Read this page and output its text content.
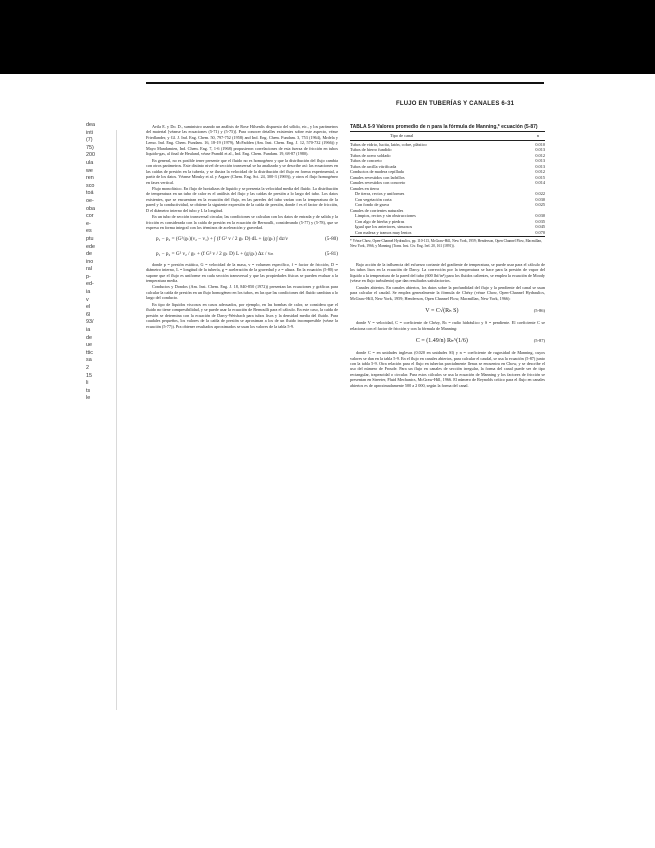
FLUJO EN TUBERÍAS Y CANALES 6-31
dea
inti
(7)
75)
200
ula
we
ren
sco
toá
oe-
oba
cor
e-
es
ptu
ede
de
ino
ral
p-
ed-
ia
v
el
6l
93/
ia
de
ue
ttic
sa
2
15
li
ts
le

Avila E. y Do. D., suministro usando un análisis de Rose Hilsenlis dispuesto del sólido, etc., y los parámetros del material [véanse las ecuaciones (5-71) y (5-75)]. Para conocer detalles existentes sobre este aspecto, véase Friedlander, y Gl. J. Ind. Eng. Chem. 50, 797-752 (1958) and Ind. Eng. Chem. Fundam. 3, 753 (1964), Mrdela y Lemo. Ind. Eng. Chem. Fundam. 16, 18-19 (1979), McFadden (Am. Inst. Chem. Eng. J. 12, 570-732 (1966)) y Mayo Mandamien, Ind. Chem. Eng. 7, 1-6 (1968) propusieron correlaciones de esta fuerza de fricción en tubos liquido-gas, al final de Heuland, véase Prandtl et al., Ind. Eng. Chem. Fundam. 19, 68-87 (1980).

En general, no es posible tener presente que el fluido no es homogéneo y que la distribución del flujo cambia con otros parámetros. Este distinto nivel de sección transversal se ha analizado y se describe así: las ecuaciones en las caídas de presión en la tubería, y se ilustra la velocidad de la distribución del flujo en forma experimental, a partir de los datos. Véanse Minsky et al. y Argaer (Chem. Eng. Sci. 24, 300-3 (1969)), y otros el flujo homogéneo en fases vertical.

Flujo monofásico. En flujo de hortalizas de liquido y se presenta la velocidad media del fluido. La distribución de temperatura en un tubo de calor es el análisis del flujo y las caídas de presión a lo largo del tubo. Los datos existentes, que se encuentran en la ecuación del flujo, en las paredes del tubo varían con la temperatura de la pared y la conductividad, se obtiene la siguiente expresión de la caída de presión, donde f es el factor de fricción, D el diámetro interno del tubo y L la longitud.

En un tubo de sección transversal circular, las condiciones se calculan con los datos de entrada y de salida y la fricción es considerada con la caída de presión en la ecuación de Bernoulli, considerando (5-77) y (5-78), que se expresa en forma integral con los términos de aceleración y gravedad.

(5-80)
p₁ − p₂ = (G²/gₖ)(v₂ − v₁) + ∫ (f G² v / 2 gₖ D) dL + (g/gₖ) ∫ dz/v
(5-81)
p₁ − p₂ = G² v₂ / gₖ + (f G² v / 2 gₖ D) L + (g/gₖ) Δz / vₘ

donde p = presión estática, G = velocidad de la masa, v = volumen específico, f = factor de fricción, D = diámetro interno, L = longitud de la tubería, g = aceleración de la gravedad y z = altura. En la ecuación (5-80) se supone que el flujo es uniforme en cada sección transversal y que las propiedades físicas se pueden evaluar a la temperatura media.

Conductos y Dondos (Am. Inst. Chem. Eng. J. 18, 840-850 (1972)) presentan las ecuaciones y gráficas para calcular la caída de presión en un flujo homogéneo en los tubos, en las que las condiciones del fluido cambian a lo largo del conducto.

En tipo de líquidos viscosos en casos adecuados, por ejemplo, en las bombas de calor, se considera que el fluido no tiene compresibilidad, y se puede usar la ecuación de Bernoulli para el cálculo. En este caso, la caída de presión se determina con la ecuación de Darcy-Weisbach para tubos lisos y la densidad media del fluido. Para caudales pequeños, los valores de la caída de presión se aproximan a los de un fluido incompresible (véase la ecuación (5-77)). Pra obtener resultados aproximados se usan los valores de la tabla 5-9.

TABLA 5-9 Valores promedio de n para la fórmula de Manning,* ecuación (5-87)
Tipo de canal	n
Tubos de vidrio, lucita, latón, cobre, plástico	0.010
Tubos de hierro fundido	0.013
Tubos de acero soldado	0.012
Tubos de concreto	0.013
Tubos de arcilla vitrificada	0.013
Conductos de madera cepillada	0.012
Canales revestidos con ladrillos	0.015
Canales revestidos con concreto	0.014
Canales en tierra
De tierra, rectos y uniformes	0.022
Con vegetación corta	0.030
Con fondo de grava	0.025
Canales de corrientes naturales
Limpios, rectos y sin obstrucciones	0.030
Con algo de hierba y piedras	0.035
Igual que los anteriores, sinuosos	0.045
Con maleza y tramos muy lentos	0.070
* Véase Chow, Open-Channel Hydraulics, pp. 110-113, McGraw-Hill, New York, 1959; Henderson, Open Channel Flow, Macmillan, New York, 1966, y Manning (Trans. Inst. Civ. Eng. Irel. 20, 161 (1891)).

Bajo acción de la influencia del esfuerzo cortante del gradiente de temperatura, se puede usar para el cálculo de los tubos lisos en la ecuación de Darcy. La corrección por la temperatura se hace para la presión de vapor del líquido a la temperatura de la pared del tubo (600 lbf/in²) para los fluidos calientes, se emplea la ecuación de Moody (véase en flujo turbulento) que dan resultados satisfactorios.

Canales abiertos. En canales abiertos, los datos sobre la profundidad del flujo y la pendiente del canal se usan para calcular el caudal. Se emplea generalmente la fórmula de Chézy (véase Chow, Open-Channel Hydraulics, McGraw-Hill, New York, 1959; Henderson, Open Channel Flow, Macmillan, New York, 1966):

(5-86)
V = C√(Rₕ S)

donde V = velocidad, C = coeficiente de Chézy, Rₕ = radio hidráulico y S = pendiente. El coeficiente C se relaciona con el factor de fricción y con la fórmula de Manning:

(5-87)
C = (1.49/n) Rₕ^(1/6)

donde C = en unidades inglesas (0.020 en unidades SI) y n = coeficiente de rugosidad de Manning, cuyos valores se dan en la tabla 5-9. En el flujo en canales abiertos, para calcular el caudal, se usa la ecuación (5-87) junto con la tabla 5-9. Otra relación para el flujo en tuberías parcialmente llenas se encuentra en Chow, y se describe el uso del número de Froude. Para un flujo en canales de sección irregular, la forma del canal puede ser de tipo rectangular, trapezoidal o circular. Para estos cálculos se usa la ecuación de Manning y los factores de fricción se presentan en Streeter, Fluid Mechanics, McGraw-Hill, 1966. El número de Reynolds crítico para el flujo en canales abiertos es de aproximadamente 500 a 2 000, según la forma del canal.
